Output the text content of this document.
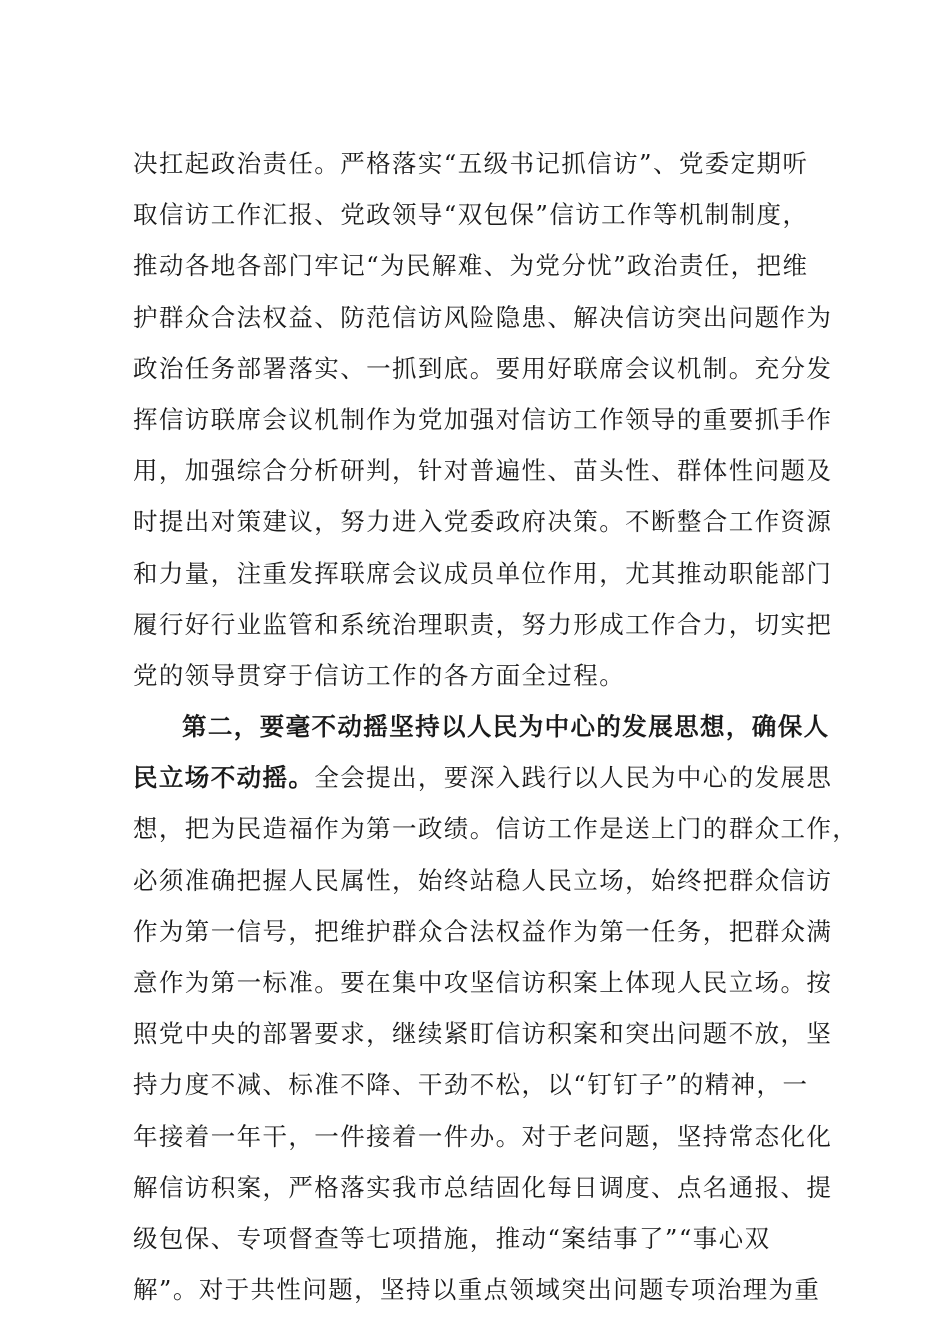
决扛起政治责任。严格落实“五级书记抓信访”、党委定期听
取信访工作汇报、党政领导“双包保”信访工作等机制制度，
推动各地各部门牢记“为民解难、为党分忧”政治责任，把维
护群众合法权益、防范信访风险隐患、解决信访突出问题作为
政治任务部署落实、一抓到底。要用好联席会议机制。充分发
挥信访联席会议机制作为党加强对信访工作领导的重要抓手作
用，加强综合分析研判，针对普遍性、苗头性、群体性问题及
时提出对策建议，努力进入党委政府决策。不断整合工作资源
和力量，注重发挥联席会议成员单位作用，尤其推动职能部门
履行好行业监管和系统治理职责，努力形成工作合力，切实把
党的领导贯穿于信访工作的各方面全过程。
第二，要毫不动摇坚持以人民为中心的发展思想，确保人
民立场不动摇。全会提出，要深入践行以人民为中心的发展思
想，把为民造福作为第一政绩。信访工作是送上门的群众工作，
必须准确把握人民属性，始终站稳人民立场，始终把群众信访
作为第一信号，把维护群众合法权益作为第一任务，把群众满
意作为第一标准。要在集中攻坚信访积案上体现人民立场。按
照党中央的部署要求，继续紧盯信访积案和突出问题不放，坚
持力度不减、标准不降、干劲不松，以“钉钉子”的精神，一
年接着一年干，一件接着一件办。对于老问题，坚持常态化化
解信访积案，严格落实我市总结固化每日调度、点名通报、提
级包保、专项督查等七项措施，推动“案结事了”“事心双
解”。对于共性问题，坚持以重点领域突出问题专项治理为重
